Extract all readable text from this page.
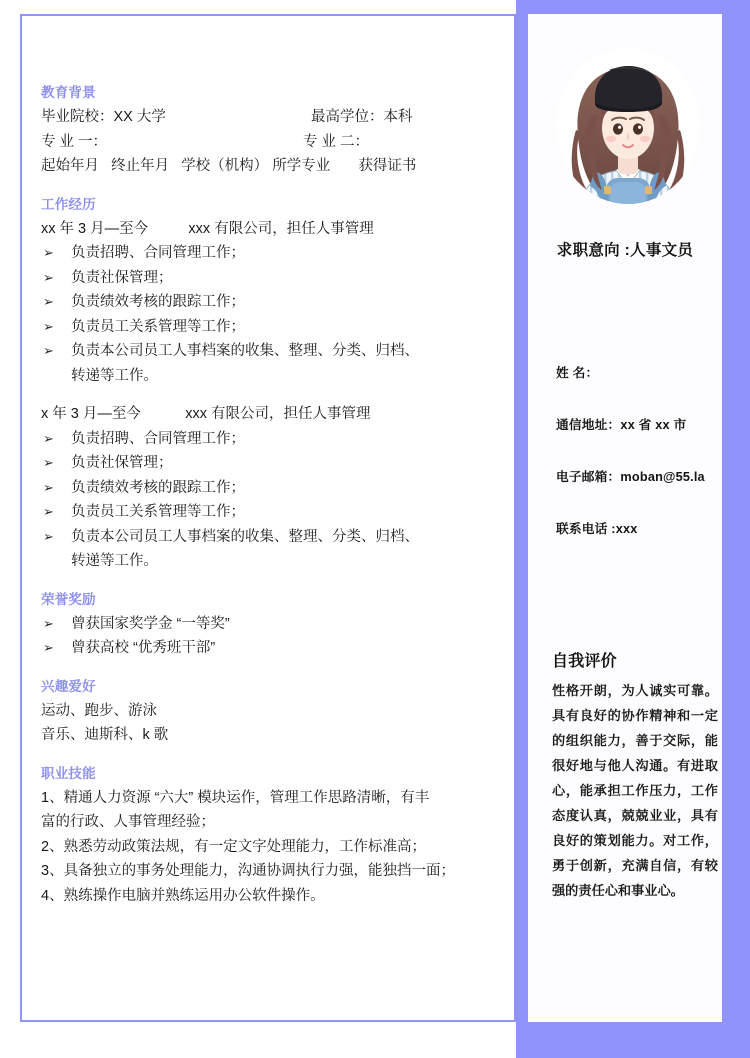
教育背景
毕业院校：XX 大学	最高学位：本科
专 业 一：	专 业 二：
起始年月   终止年月   学校（机构） 所学专业       获得证书
工作经历
xx 年 3 月—至今          xxx 有限公司，担任人事管理
➢ 负责招聘、合同管理工作；
➢ 负责社保管理；
➢ 负责绩效考核的跟踪工作；
➢ 负责员工关系管理等工作；
➢ 负责本公司员工人事档案的收集、整理、分类、归档、
转递等工作。
x 年 3 月—至今           xxx 有限公司，担任人事管理
➢ 负责招聘、合同管理工作；
➢ 负责社保管理；
➢ 负责绩效考核的跟踪工作；
➢ 负责员工关系管理等工作；
➢ 负责本公司员工人事档案的收集、整理、分类、归档、
转递等工作。
荣誉奖励
➢ 曾获国家奖学金 “一等奖”
➢ 曾获高校 “优秀班干部”
兴趣爱好
运动、跑步、游泳
音乐、迪斯科、k 歌
职业技能
1、精通人力资源 “六大” 模块运作，管理工作思路清晰，有丰
富的行政、人事管理经验；
2、熟悉劳动政策法规，有一定文字处理能力，工作标准高；
3、具备独立的事务处理能力，沟通协调执行力强，能独挡一面；
4、熟练操作电脑并熟练运用办公软件操作。
求职意向 :人事文员
姓 名：
通信地址：xx 省 xx 市
电子邮箱：moban@55.la
联系电话 :xxx
自我评价

性格开朗，为人诚实可靠。具有良好的协作精神和一定的组织能力，善于交际，能很好地与他人沟通。有进取心，能承担工作压力，工作态度认真，兢兢业业，具有良好的策划能力。对工作，勇于创新，充满自信，有较强的责任心和事业心。
